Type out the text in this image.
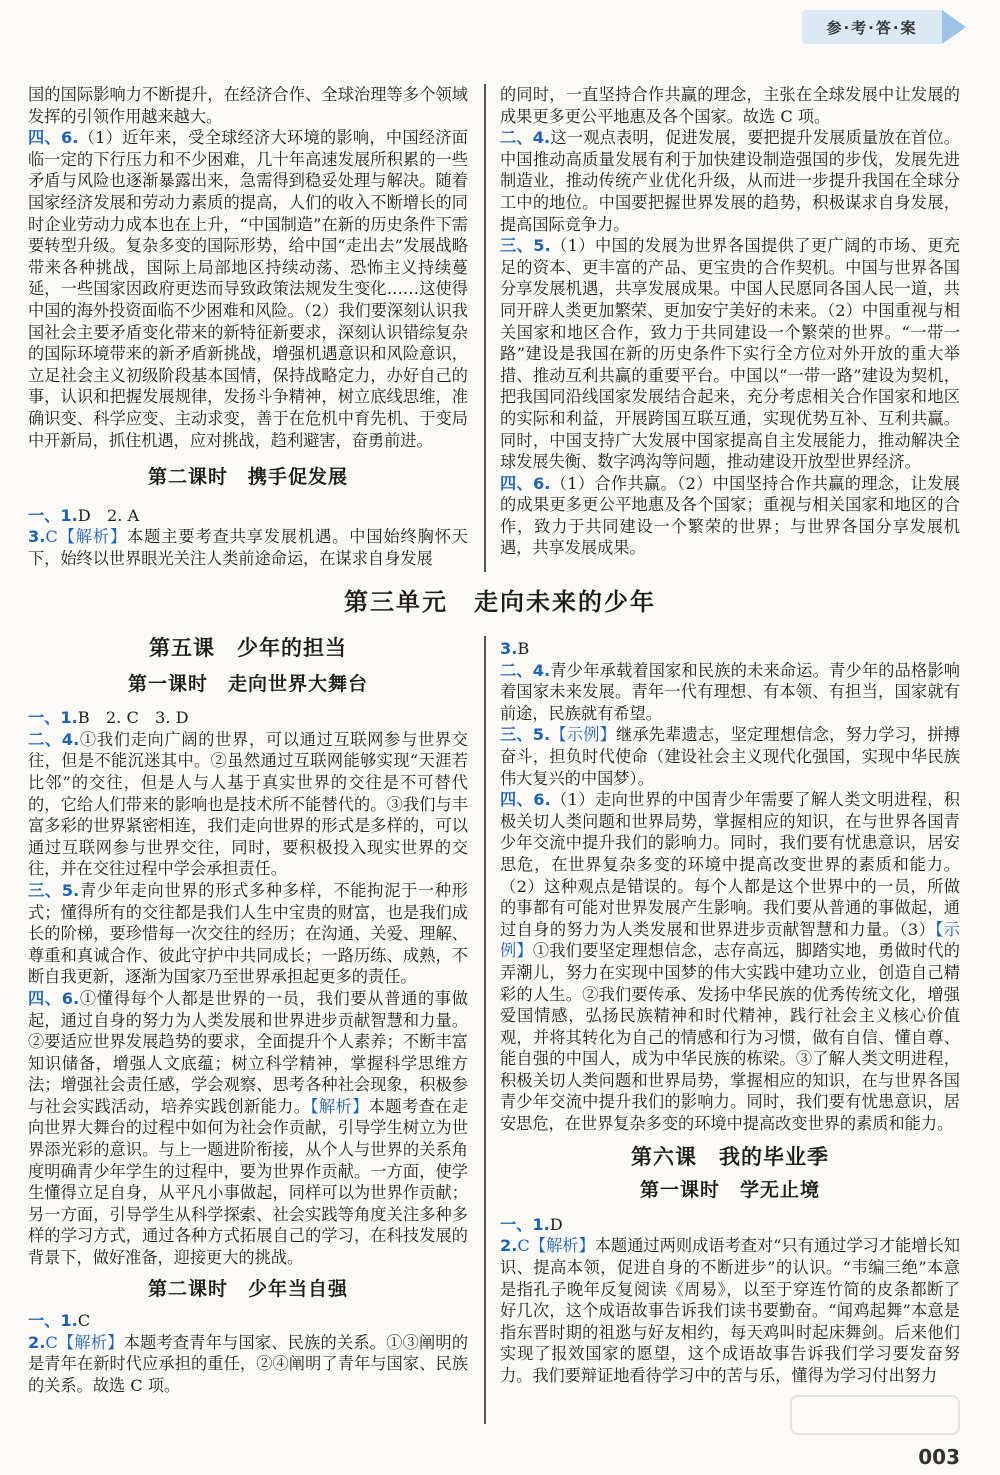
参·考·答·案

国的国际影响力不断提升，在经济合作、全球治理等多个领域发挥的引领作用越来越大。

四、6.（1）近年来，受全球经济大环境的影响，中国经济面临一定的下行压力和不少困难，几十年高速发展所积累的一些矛盾与风险也逐渐暴露出来，急需得到稳妥处理与解决。随着国家经济发展和劳动力素质的提高，人们的收入不断增长的同时企业劳动力成本也在上升，“中国制造”在新的历史条件下需要转型升级。复杂多变的国际形势，给中国“走出去”发展战略带来各种挑战，国际上局部地区持续动荡、恐怖主义持续蔓延，一些国家因政府更迭而导致政策法规发生变化……这使得中国的海外投资面临不少困难和风险。（2）我们要深刻认识我国社会主要矛盾变化带来的新特征新要求，深刻认识错综复杂的国际环境带来的新矛盾新挑战，增强机遇意识和风险意识，立足社会主义初级阶段基本国情，保持战略定力，办好自己的事，认识和把握发展规律，发扬斗争精神，树立底线思维，准确识变、科学应变、主动求变，善于在危机中育先机、于变局中开新局，抓住机遇，应对挑战，趋利避害，奋勇前进。

第二课时　携手促发展

一、1.D　2. A

3.C【解析】本题主要考查共享发展机遇。中国始终胸怀天下，始终以世界眼光关注人类前途命运，在谋求自身发展

的同时，一直坚持合作共赢的理念，主张在全球发展中让发展的成果更多更公平地惠及各个国家。故选 C 项。

二、4.这一观点表明，促进发展，要把提升发展质量放在首位。中国推动高质量发展有利于加快建设制造强国的步伐，发展先进制造业，推动传统产业优化升级，从而进一步提升我国在全球分工中的地位。中国要把握世界发展的趋势，积极谋求自身发展，提高国际竞争力。

三、5.（1）中国的发展为世界各国提供了更广阔的市场、更充足的资本、更丰富的产品、更宝贵的合作契机。中国与世界各国分享发展机遇，共享发展成果。中国人民愿同各国人民一道，共同开辟人类更加繁荣、更加安宁美好的未来。（2）中国重视与相关国家和地区合作，致力于共同建设一个繁荣的世界。“一带一路”建设是我国在新的历史条件下实行全方位对外开放的重大举措、推动互利共赢的重要平台。中国以“一带一路”建设为契机，把我国同沿线国家发展结合起来，充分考虑相关合作国家和地区的实际和利益，开展跨国互联互通，实现优势互补、互利共赢。同时，中国支持广大发展中国家提高自主发展能力，推动解决全球发展失衡、数字鸿沟等问题，推动建设开放型世界经济。

四、6.（1）合作共赢。（2）中国坚持合作共赢的理念，让发展的成果更多更公平地惠及各个国家；重视与相关国家和地区的合作，致力于共同建设一个繁荣的世界；与世界各国分享发展机遇，共享发展成果。

第三单元　走向未来的少年
第五课　少年的担当
第一课时　走向世界大舞台

一、1.B　2. C　3. D

二、4.①我们走向广阔的世界，可以通过互联网参与世界交往，但是不能沉迷其中。②虽然通过互联网能够实现“天涯若比邻”的交往，但是人与人基于真实世界的交往是不可替代的，它给人们带来的影响也是技术所不能替代的。③我们与丰富多彩的世界紧密相连，我们走向世界的形式是多样的，可以通过互联网参与世界交往，同时，要积极投入现实世界的交往，并在交往过程中学会承担责任。

三、5.青少年走向世界的形式多种多样，不能拘泥于一种形式；懂得所有的交往都是我们人生中宝贵的财富，也是我们成长的阶梯，要珍惜每一次交往的经历；在沟通、关爱、理解、尊重和真诚合作、彼此守护中共同成长；一路历练、成熟，不断自我更新，逐渐为国家乃至世界承担起更多的责任。

四、6.①懂得每个人都是世界的一员，我们要从普通的事做起，通过自身的努力为人类发展和世界进步贡献智慧和力量。②要适应世界发展趋势的要求，全面提升个人素养；不断丰富知识储备，增强人文底蕴；树立科学精神，掌握科学思维方法；增强社会责任感，学会观察、思考各种社会现象，积极参与社会实践活动，培养实践创新能力。【解析】本题考查在走向世界大舞台的过程中如何为社会作贡献，引导学生树立为世界添光彩的意识。与上一题进阶衔接，从个人与世界的关系角度明确青少年学生的过程中，要为世界作贡献。一方面，使学生懂得立足自身，从平凡小事做起，同样可以为世界作贡献；另一方面，引导学生从科学探索、社会实践等角度关注多种多样的学习方式，通过各种方式拓展自己的学习，在科技发展的背景下，做好准备，迎接更大的挑战。

第二课时　少年当自强

一、1.C

2.C【解析】本题考查青年与国家、民族的关系。①③阐明的是青年在新时代应承担的重任，②④阐明了青年与国家、民族的关系。故选 C 项。

3.B

二、4.青少年承载着国家和民族的未来命运。青少年的品格影响着国家未来发展。青年一代有理想、有本领、有担当，国家就有前途，民族就有希望。

三、5.【示例】继承先辈遗志，坚定理想信念，努力学习，拼搏奋斗，担负时代使命（建设社会主义现代化强国，实现中华民族伟大复兴的中国梦）。

四、6.（1）走向世界的中国青少年需要了解人类文明进程，积极关切人类问题和世界局势，掌握相应的知识，在与世界各国青少年交流中提升我们的影响力。同时，我们要有忧患意识，居安思危，在世界复杂多变的环境中提高改变世界的素质和能力。（2）这种观点是错误的。每个人都是这个世界中的一员，所做的事都有可能对世界发展产生影响。我们要从普通的事做起，通过自身的努力为人类发展和世界进步贡献智慧和力量。（3）【示例】①我们要坚定理想信念，志存高远，脚踏实地，勇做时代的弄潮儿，努力在实现中国梦的伟大实践中建功立业，创造自己精彩的人生。②我们要传承、发扬中华民族的优秀传统文化，增强爱国情感，弘扬民族精神和时代精神，践行社会主义核心价值观，并将其转化为自己的情感和行为习惯，做有自信、懂自尊、能自强的中国人，成为中华民族的栋梁。③了解人类文明进程，积极关切人类问题和世界局势，掌握相应的知识，在与世界各国青少年交流中提升我们的影响力。同时，我们要有忧患意识，居安思危，在世界复杂多变的环境中提高改变世界的素质和能力。

第六课　我的毕业季
第一课时　学无止境

一、1.D

2.C【解析】本题通过两则成语考查对“只有通过学习才能增长知识、提高本领，促进自身的不断进步”的认识。“韦编三绝”本意是指孔子晚年反复阅读《周易》，以至于穿连竹简的皮条都断了好几次，这个成语故事告诉我们读书要勤奋。“闻鸡起舞”本意是指东晋时期的祖逖与好友相约，每天鸡叫时起床舞剑。后来他们实现了报效国家的愿望，这个成语故事告诉我们学习要发奋努力。我们要辩证地看待学习中的苦与乐，懂得为学习付出努力

003
